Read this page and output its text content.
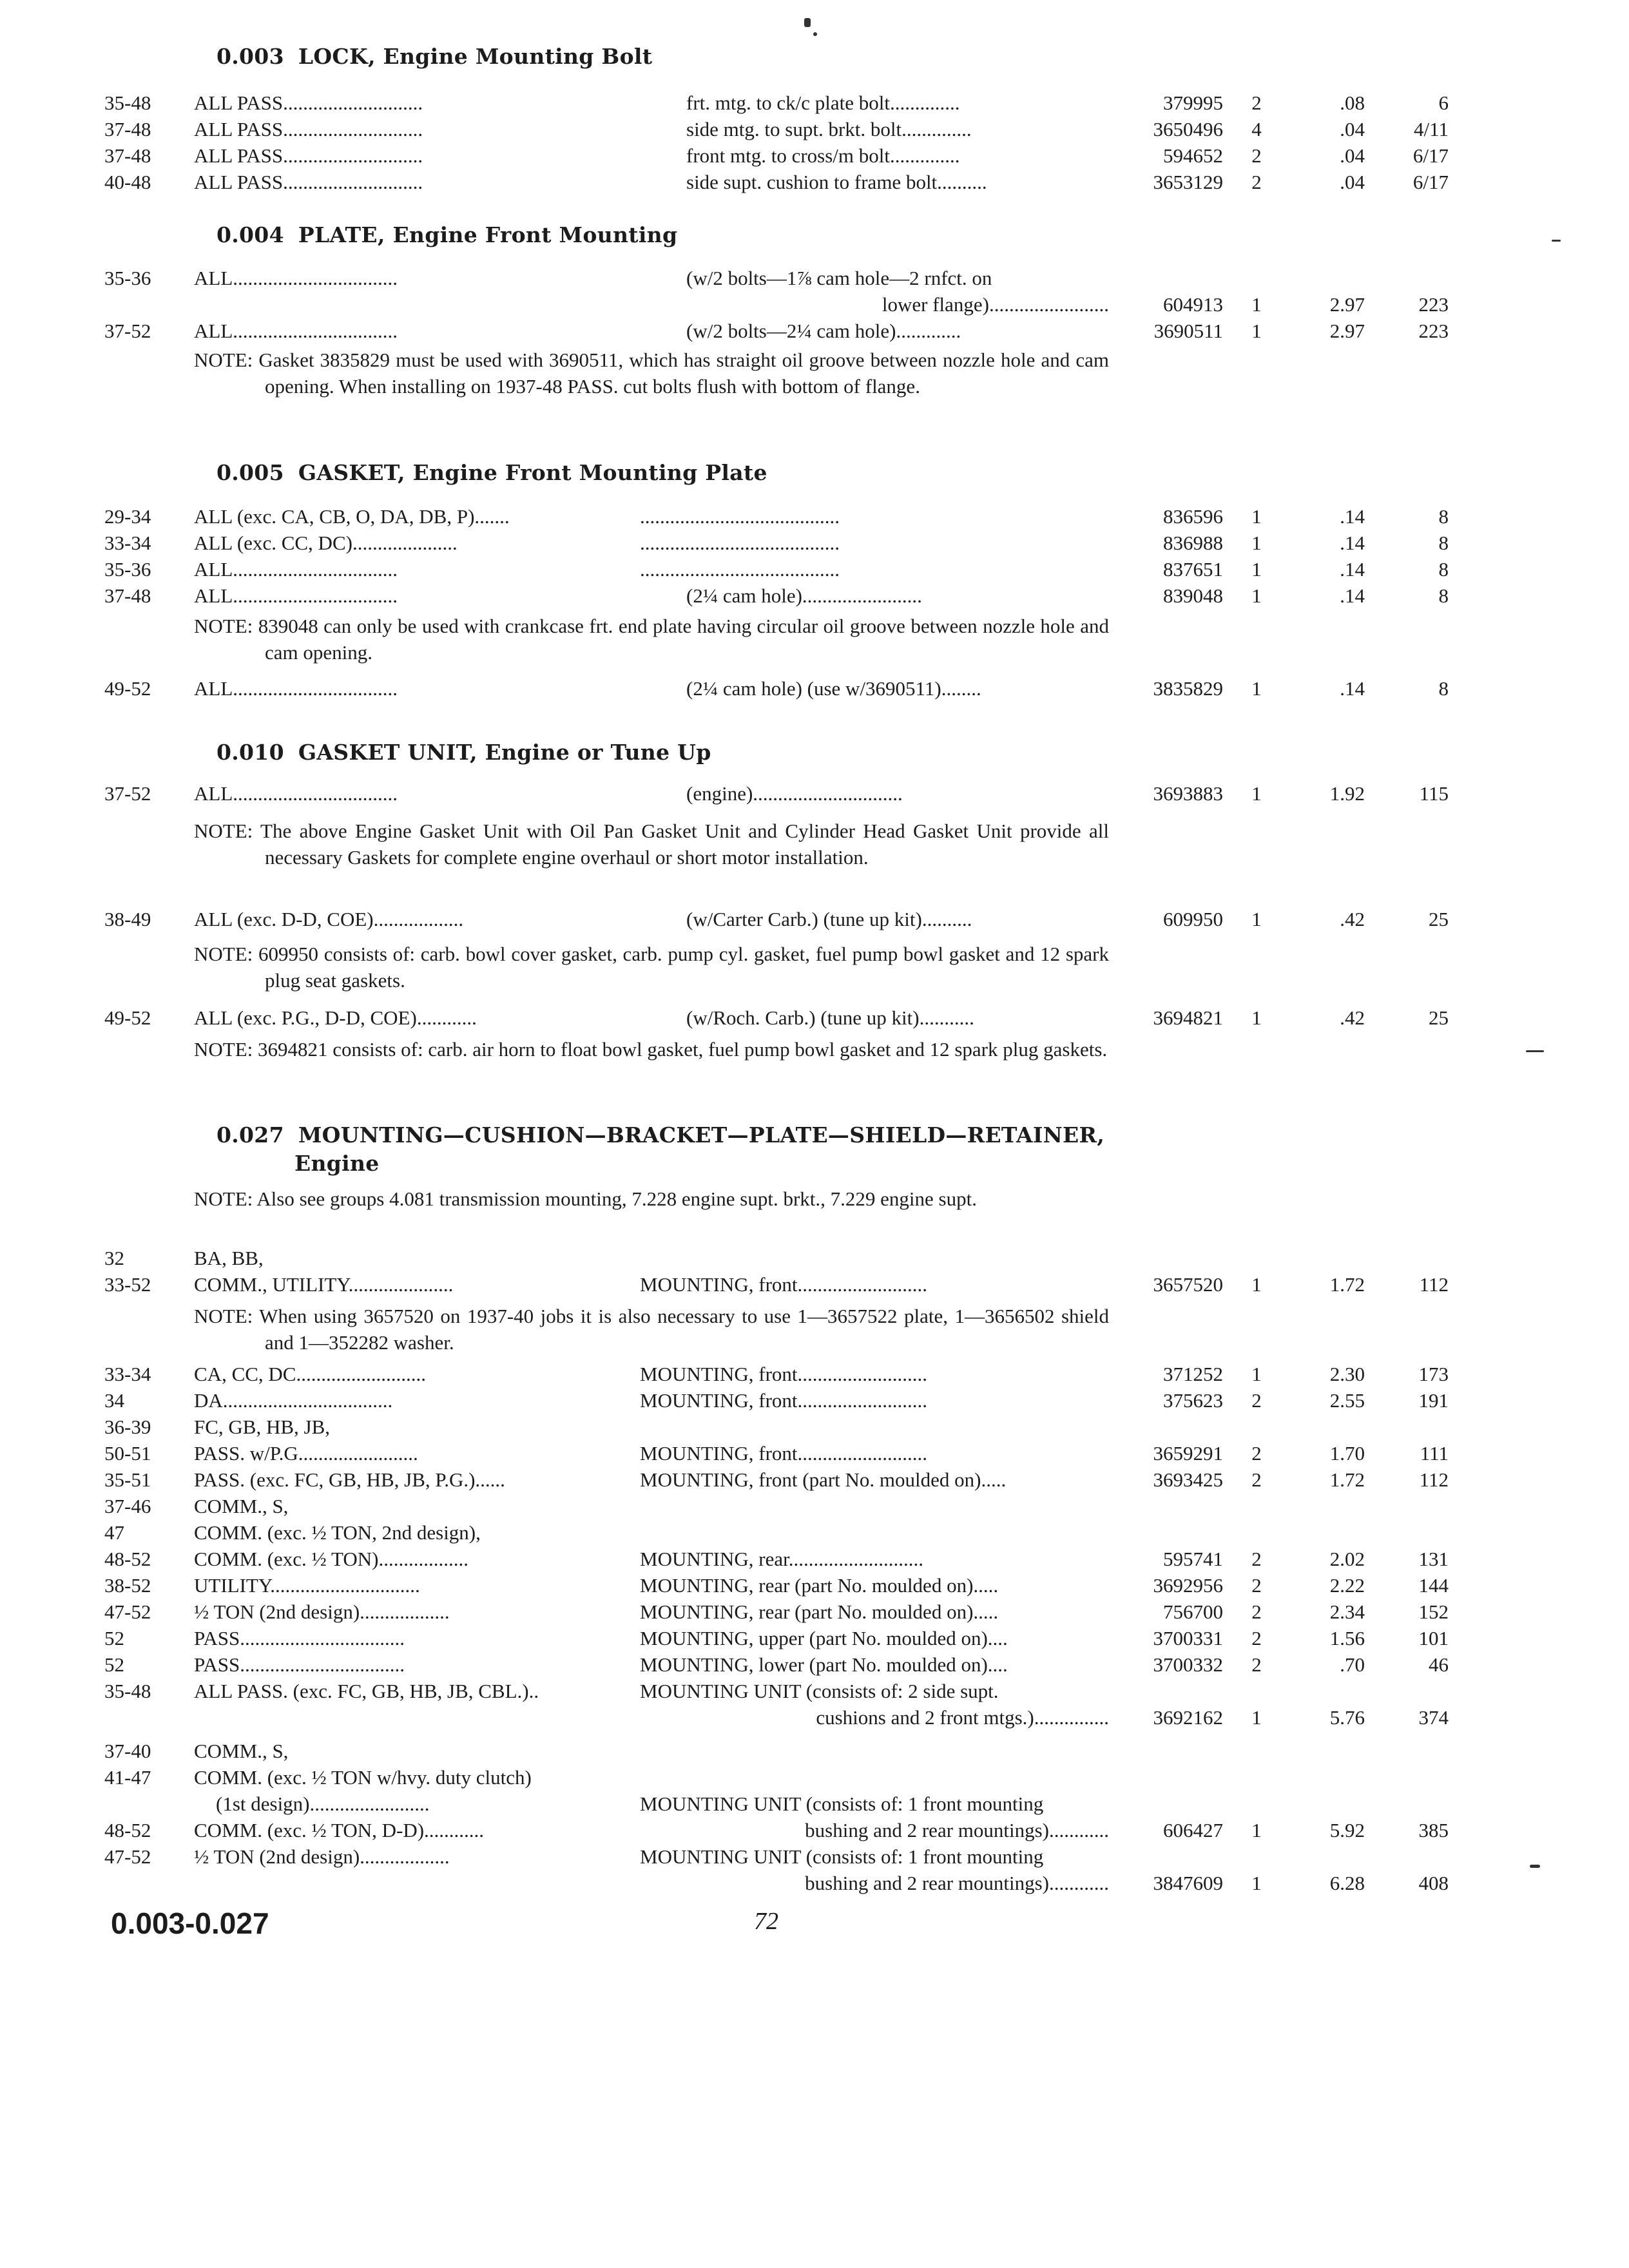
0.003 LOCK, Engine Mounting Bolt
35-48	ALL PASS............................	frt. mtg. to ck/c plate bolt..............	379995	2	.08	6
37-48	ALL PASS............................	side mtg. to supt. brkt. bolt..............	3650496	4	.04	4/11
37-48	ALL PASS............................	front mtg. to cross/m bolt..............	594652	2	.04	6/17
40-48	ALL PASS............................	side supt. cushion to frame bolt..........	3653129	2	.04	6/17
0.004 PLATE, Engine Front Mounting
35-36	ALL.................................	(w/2 bolts—1⅞ cam hole—2 rnfct. on
lower flange)........................	604913	1	2.97	223
37-52	ALL.................................	(w/2 bolts—2¼ cam hole).............	3690511	1	2.97	223
NOTE: Gasket 3835829 must be used with 3690511, which has straight oil groove between nozzle hole and cam opening. When installing on 1937-48 PASS. cut bolts flush with bottom of flange.
0.005 GASKET, Engine Front Mounting Plate
29-34	ALL (exc. CA, CB, O, DA, DB, P).......	........................................	836596	1	.14	8
33-34	ALL (exc. CC, DC).....................	........................................	836988	1	.14	8
35-36	ALL.................................	........................................	837651	1	.14	8
37-48	ALL.................................	(2¼ cam hole)........................	839048	1	.14	8
NOTE: 839048 can only be used with crankcase frt. end plate having circular oil groove between nozzle hole and cam opening.
49-52	ALL.................................	(2¼ cam hole) (use w/3690511)........	3835829	1	.14	8
0.010 GASKET UNIT, Engine or Tune Up
37-52	ALL.................................	(engine)..............................	3693883	1	1.92	115
NOTE: The above Engine Gasket Unit with Oil Pan Gasket Unit and Cylinder Head Gasket Unit provide all necessary Gaskets for complete engine overhaul or short motor installation.
38-49	ALL (exc. D-D, COE)..................	(w/Carter Carb.) (tune up kit)..........	609950	1	.42	25
NOTE: 609950 consists of: carb. bowl cover gasket, carb. pump cyl. gasket, fuel pump bowl gasket and 12 spark plug seat gaskets.
49-52	ALL (exc. P.G., D-D, COE)............	(w/Roch. Carb.) (tune up kit)...........	3694821	1	.42	25
NOTE: 3694821 consists of: carb. air horn to float bowl gasket, fuel pump bowl gasket and 12 spark plug gaskets.
0.027 MOUNTING—CUSHION—BRACKET—PLATE—SHIELD—RETAINER,
Engine
NOTE: Also see groups 4.081 transmission mounting, 7.228 engine supt. brkt., 7.229 engine supt.
32	BA, BB,
33-52	COMM., UTILITY.....................	MOUNTING, front..........................	3657520	1	1.72	112
NOTE: When using 3657520 on 1937-40 jobs it is also necessary to use 1—3657522 plate, 1—3656502 shield and 1—352282 washer.
33-34	CA, CC, DC..........................	MOUNTING, front..........................	371252	1	2.30	173
34	DA..................................	MOUNTING, front..........................	375623	2	2.55	191
36-39	FC, GB, HB, JB,
50-51	PASS. w/P.G........................	MOUNTING, front..........................	3659291	2	1.70	111
35-51	PASS. (exc. FC, GB, HB, JB, P.G.)......	MOUNTING, front (part No. moulded on).....	3693425	2	1.72	112
37-46	COMM., S,
47	COMM. (exc. ½ TON, 2nd design),
48-52	COMM. (exc. ½ TON)..................	MOUNTING, rear...........................	595741	2	2.02	131
38-52	UTILITY..............................	MOUNTING, rear (part No. moulded on).....	3692956	2	2.22	144
47-52	½ TON (2nd design)..................	MOUNTING, rear (part No. moulded on).....	756700	2	2.34	152
52	PASS.................................	MOUNTING, upper (part No. moulded on)....	3700331	2	1.56	101
52	PASS.................................	MOUNTING, lower (part No. moulded on)....	3700332	2	.70	46
35-48	ALL PASS. (exc. FC, GB, HB, JB, CBL.)..	MOUNTING UNIT (consists of: 2 side supt.
cushions and 2 front mtgs.)...............	3692162	1	5.76	374
37-40	COMM., S,
41-47	COMM. (exc. ½ TON w/hvy. duty clutch)
(1st design)........................	MOUNTING UNIT (consists of: 1 front mounting
48-52	COMM. (exc. ½ TON, D-D)............	bushing and 2 rear mountings)............	606427	1	5.92	385
47-52	½ TON (2nd design)..................	MOUNTING UNIT (consists of: 1 front mounting
bushing and 2 rear mountings)............	3847609	1	6.28	408
0.003-0.027	72
